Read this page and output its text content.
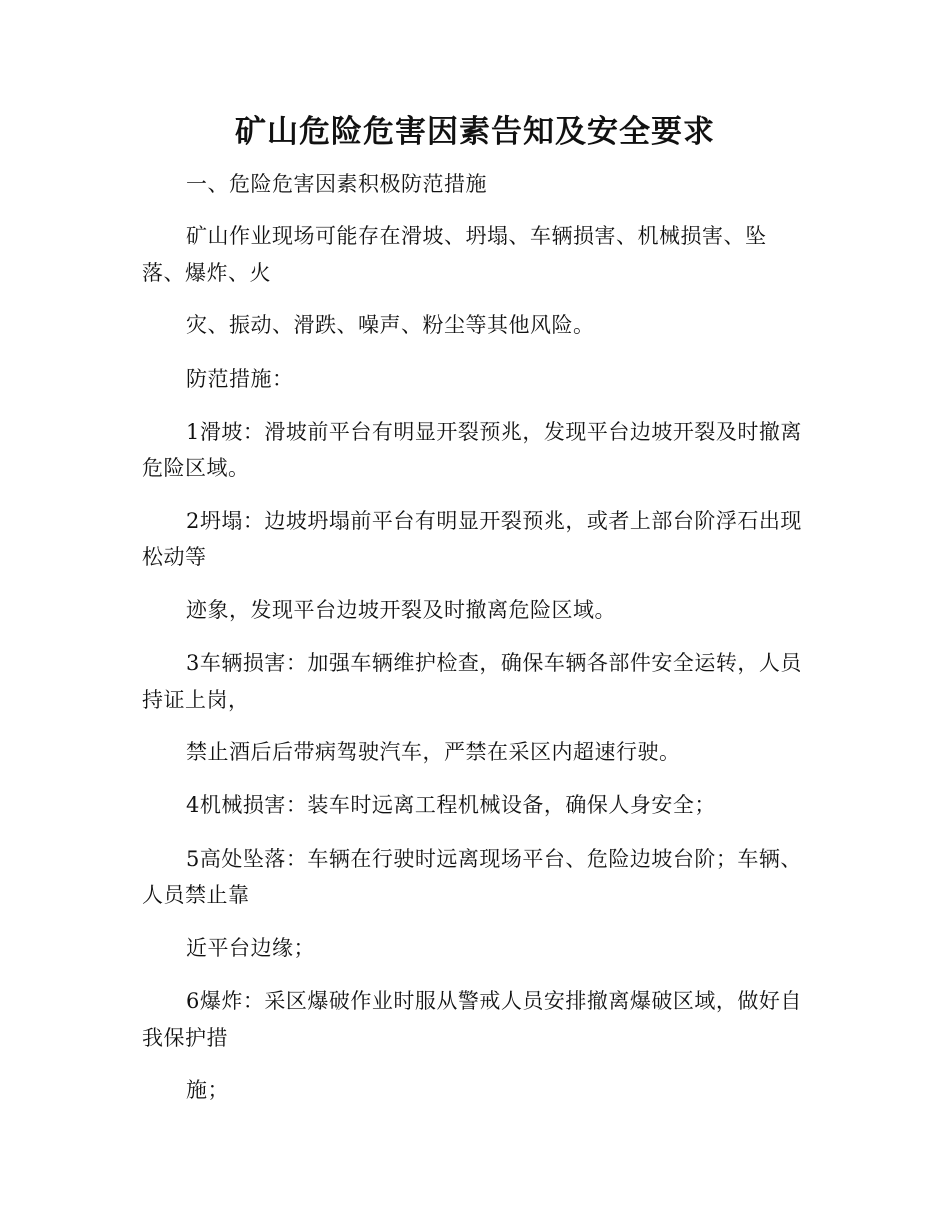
矿山危险危害因素告知及安全要求
一、危险危害因素积极防范措施
矿山作业现场可能存在滑坡、坍塌、车辆损害、机械损害、坠
落、爆炸、火
灾、振动、滑跌、噪声、粉尘等其他风险。
防范措施：
1滑坡：滑坡前平台有明显开裂预兆，发现平台边坡开裂及时撤离
危险区域。
2坍塌：边坡坍塌前平台有明显开裂预兆，或者上部台阶浮石出现
松动等
迹象，发现平台边坡开裂及时撤离危险区域。
3车辆损害：加强车辆维护检查，确保车辆各部件安全运转，人员
持证上岗，
禁止酒后后带病驾驶汽车，严禁在采区内超速行驶。
4机械损害：装车时远离工程机械设备，确保人身安全；
5高处坠落：车辆在行驶时远离现场平台、危险边坡台阶；车辆、
人员禁止靠
近平台边缘；
6爆炸：采区爆破作业时服从警戒人员安排撤离爆破区域，做好自
我保护措
施；
